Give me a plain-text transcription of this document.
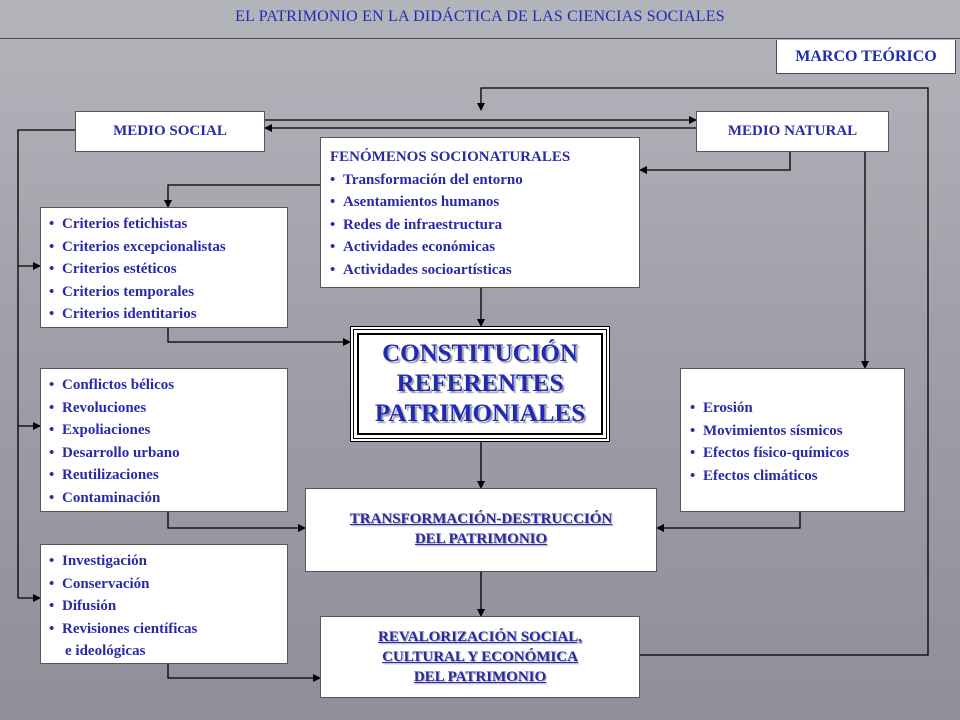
EL PATRIMONIO EN LA DIDÁCTICA DE LAS CIENCIAS SOCIALES
MARCO TEÓRICO
MEDIO SOCIAL	MEDIO NATURAL
FENÓMENOS SOCIONATURALES
• Transformación del entorno
• Asentamientos humanos
• Redes de infraestructura
• Actividades económicas
• Actividades socioartísticas
• Criterios fetichistas
• Criterios excepcionalistas
• Criterios estéticos
• Criterios temporales
• Criterios identitarios
• Conflictos bélicos
• Revoluciones
• Expoliaciones
• Desarrollo urbano
• Reutilizaciones
• Contaminación
• Investigación
• Conservación
• Difusión
• Revisiones científicas
e ideológicas
• Erosión
• Movimientos sísmicos
• Efectos físico-químicos
• Efectos climáticos
CONSTITUCIÓN
REFERENTES
PATRIMONIALES
TRANSFORMACIÓN-DESTRUCCIÓN
DEL PATRIMONIO
REVALORIZACIÓN SOCIAL,
CULTURAL Y ECONÓMICA
DEL PATRIMONIO
